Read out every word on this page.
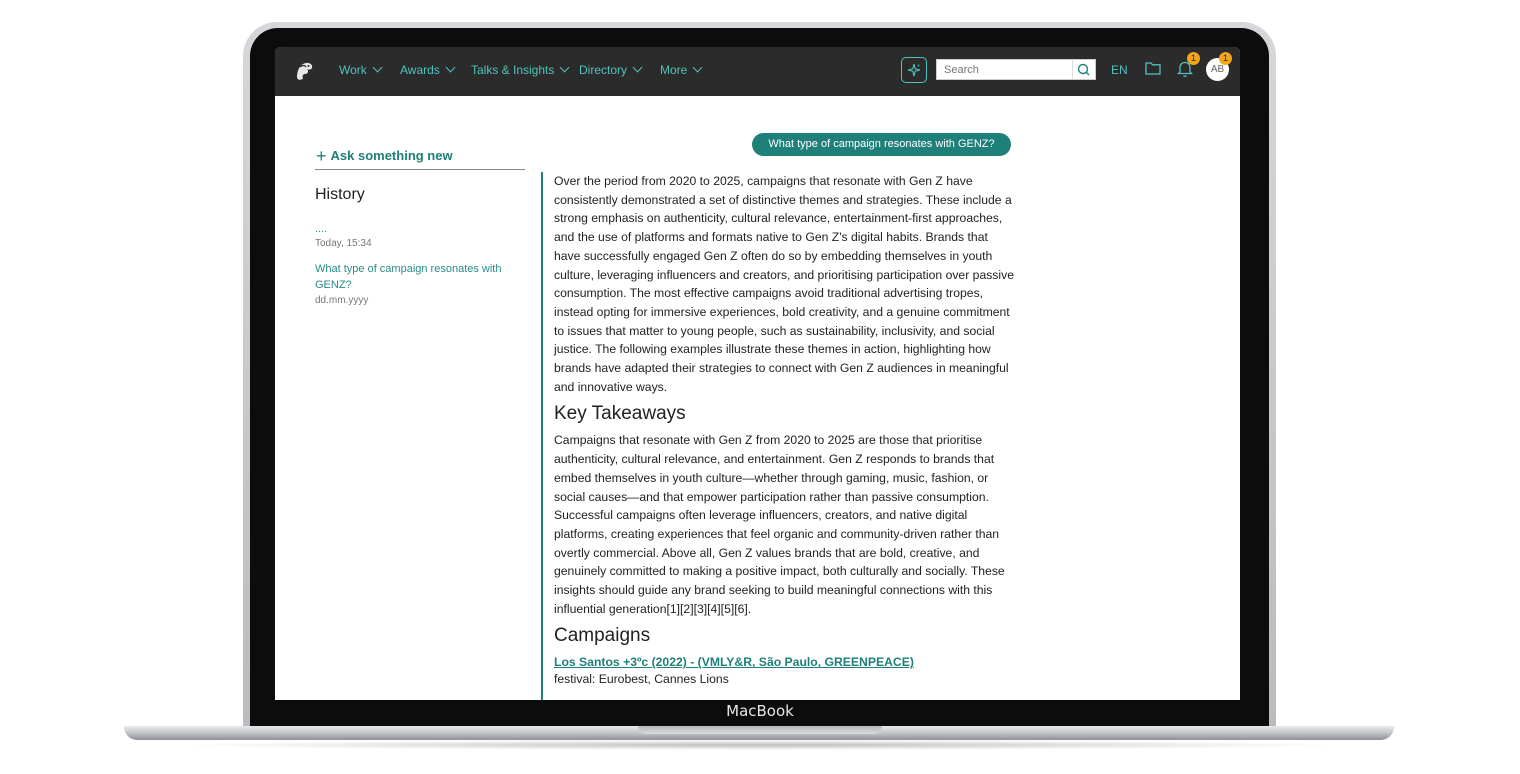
MacBook
Work	Awards	Talks & Insights	Directory	More
Search	EN
1
AB
1
+ Ask something new
History
....
Today, 15:34
What type of campaign resonates with GENZ?
dd.mm.yyyy
What type of campaign resonates with GENZ?

Over the period from 2020 to 2025, campaigns that resonate with Gen Z have consistently demonstrated a set of distinctive themes and strategies. These include a strong emphasis on authenticity, cultural relevance, entertainment-first approaches, and the use of platforms and formats native to Gen Z's digital habits. Brands that have successfully engaged Gen Z often do so by embedding themselves in youth culture, leveraging influencers and creators, and prioritising participation over passive consumption. The most effective campaigns avoid traditional advertising tropes, instead opting for immersive experiences, bold creativity, and a genuine commitment to issues that matter to young people, such as sustainability, inclusivity, and social justice. The following examples illustrate these themes in action, highlighting how brands have adapted their strategies to connect with Gen Z audiences in meaningful and innovative ways.

Key Takeaways

Campaigns that resonate with Gen Z from 2020 to 2025 are those that prioritise authenticity, cultural relevance, and entertainment. Gen Z responds to brands that embed themselves in youth culture—whether through gaming, music, fashion, or social causes—and that empower participation rather than passive consumption. Successful campaigns often leverage influencers, creators, and native digital platforms, creating experiences that feel organic and community-driven rather than overtly commercial. Above all, Gen Z values brands that are bold, creative, and genuinely committed to making a positive impact, both culturally and socially. These insights should guide any brand seeking to build meaningful connections with this influential generation[1][2][3][4][5][6].

Campaigns
Los Santos +3ºc (2022) - (VMLY&R, São Paulo, GREENPEACE)
festival: Eurobest, Cannes Lions
